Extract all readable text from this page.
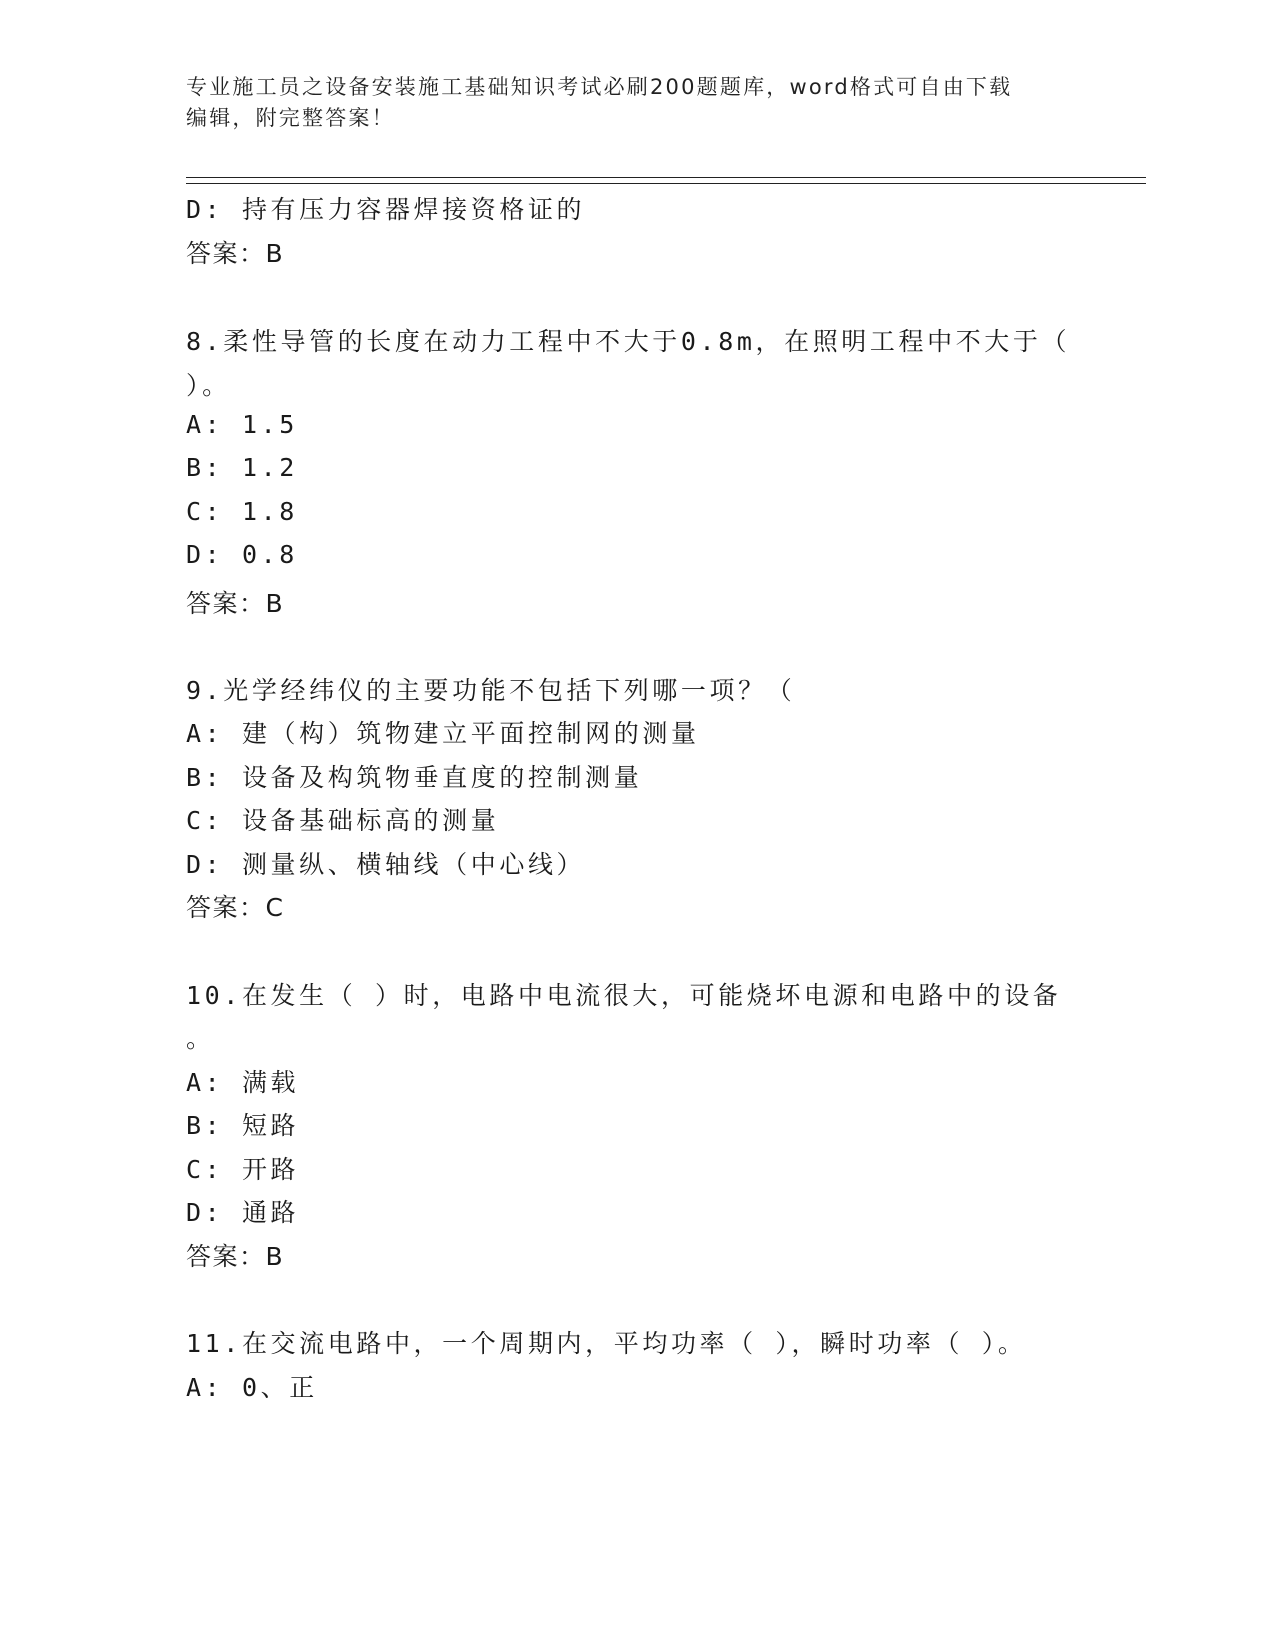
专业施工员之设备安装施工基础知识考试必刷200题题库，word格式可自由下载
编辑，附完整答案！
D: 持有压力容器焊接资格证的
答案：B
8.柔性导管的长度在动力工程中不大于0.8m，在照明工程中不大于（
）。
A: 1.5
B: 1.2
C: 1.8
D: 0.8
答案：B
9.光学经纬仪的主要功能不包括下列哪一项？（
A: 建（构）筑物建立平面控制网的测量
B: 设备及构筑物垂直度的控制测量
C: 设备基础标高的测量
D: 测量纵、横轴线（中心线）
答案：C
10.在发生（ ）时，电路中电流很大，可能烧坏电源和电路中的设备
。
A: 满载
B: 短路
C: 开路
D: 通路
答案：B
11.在交流电路中，一个周期内，平均功率（ ），瞬时功率（ ）。
A: 0、正
